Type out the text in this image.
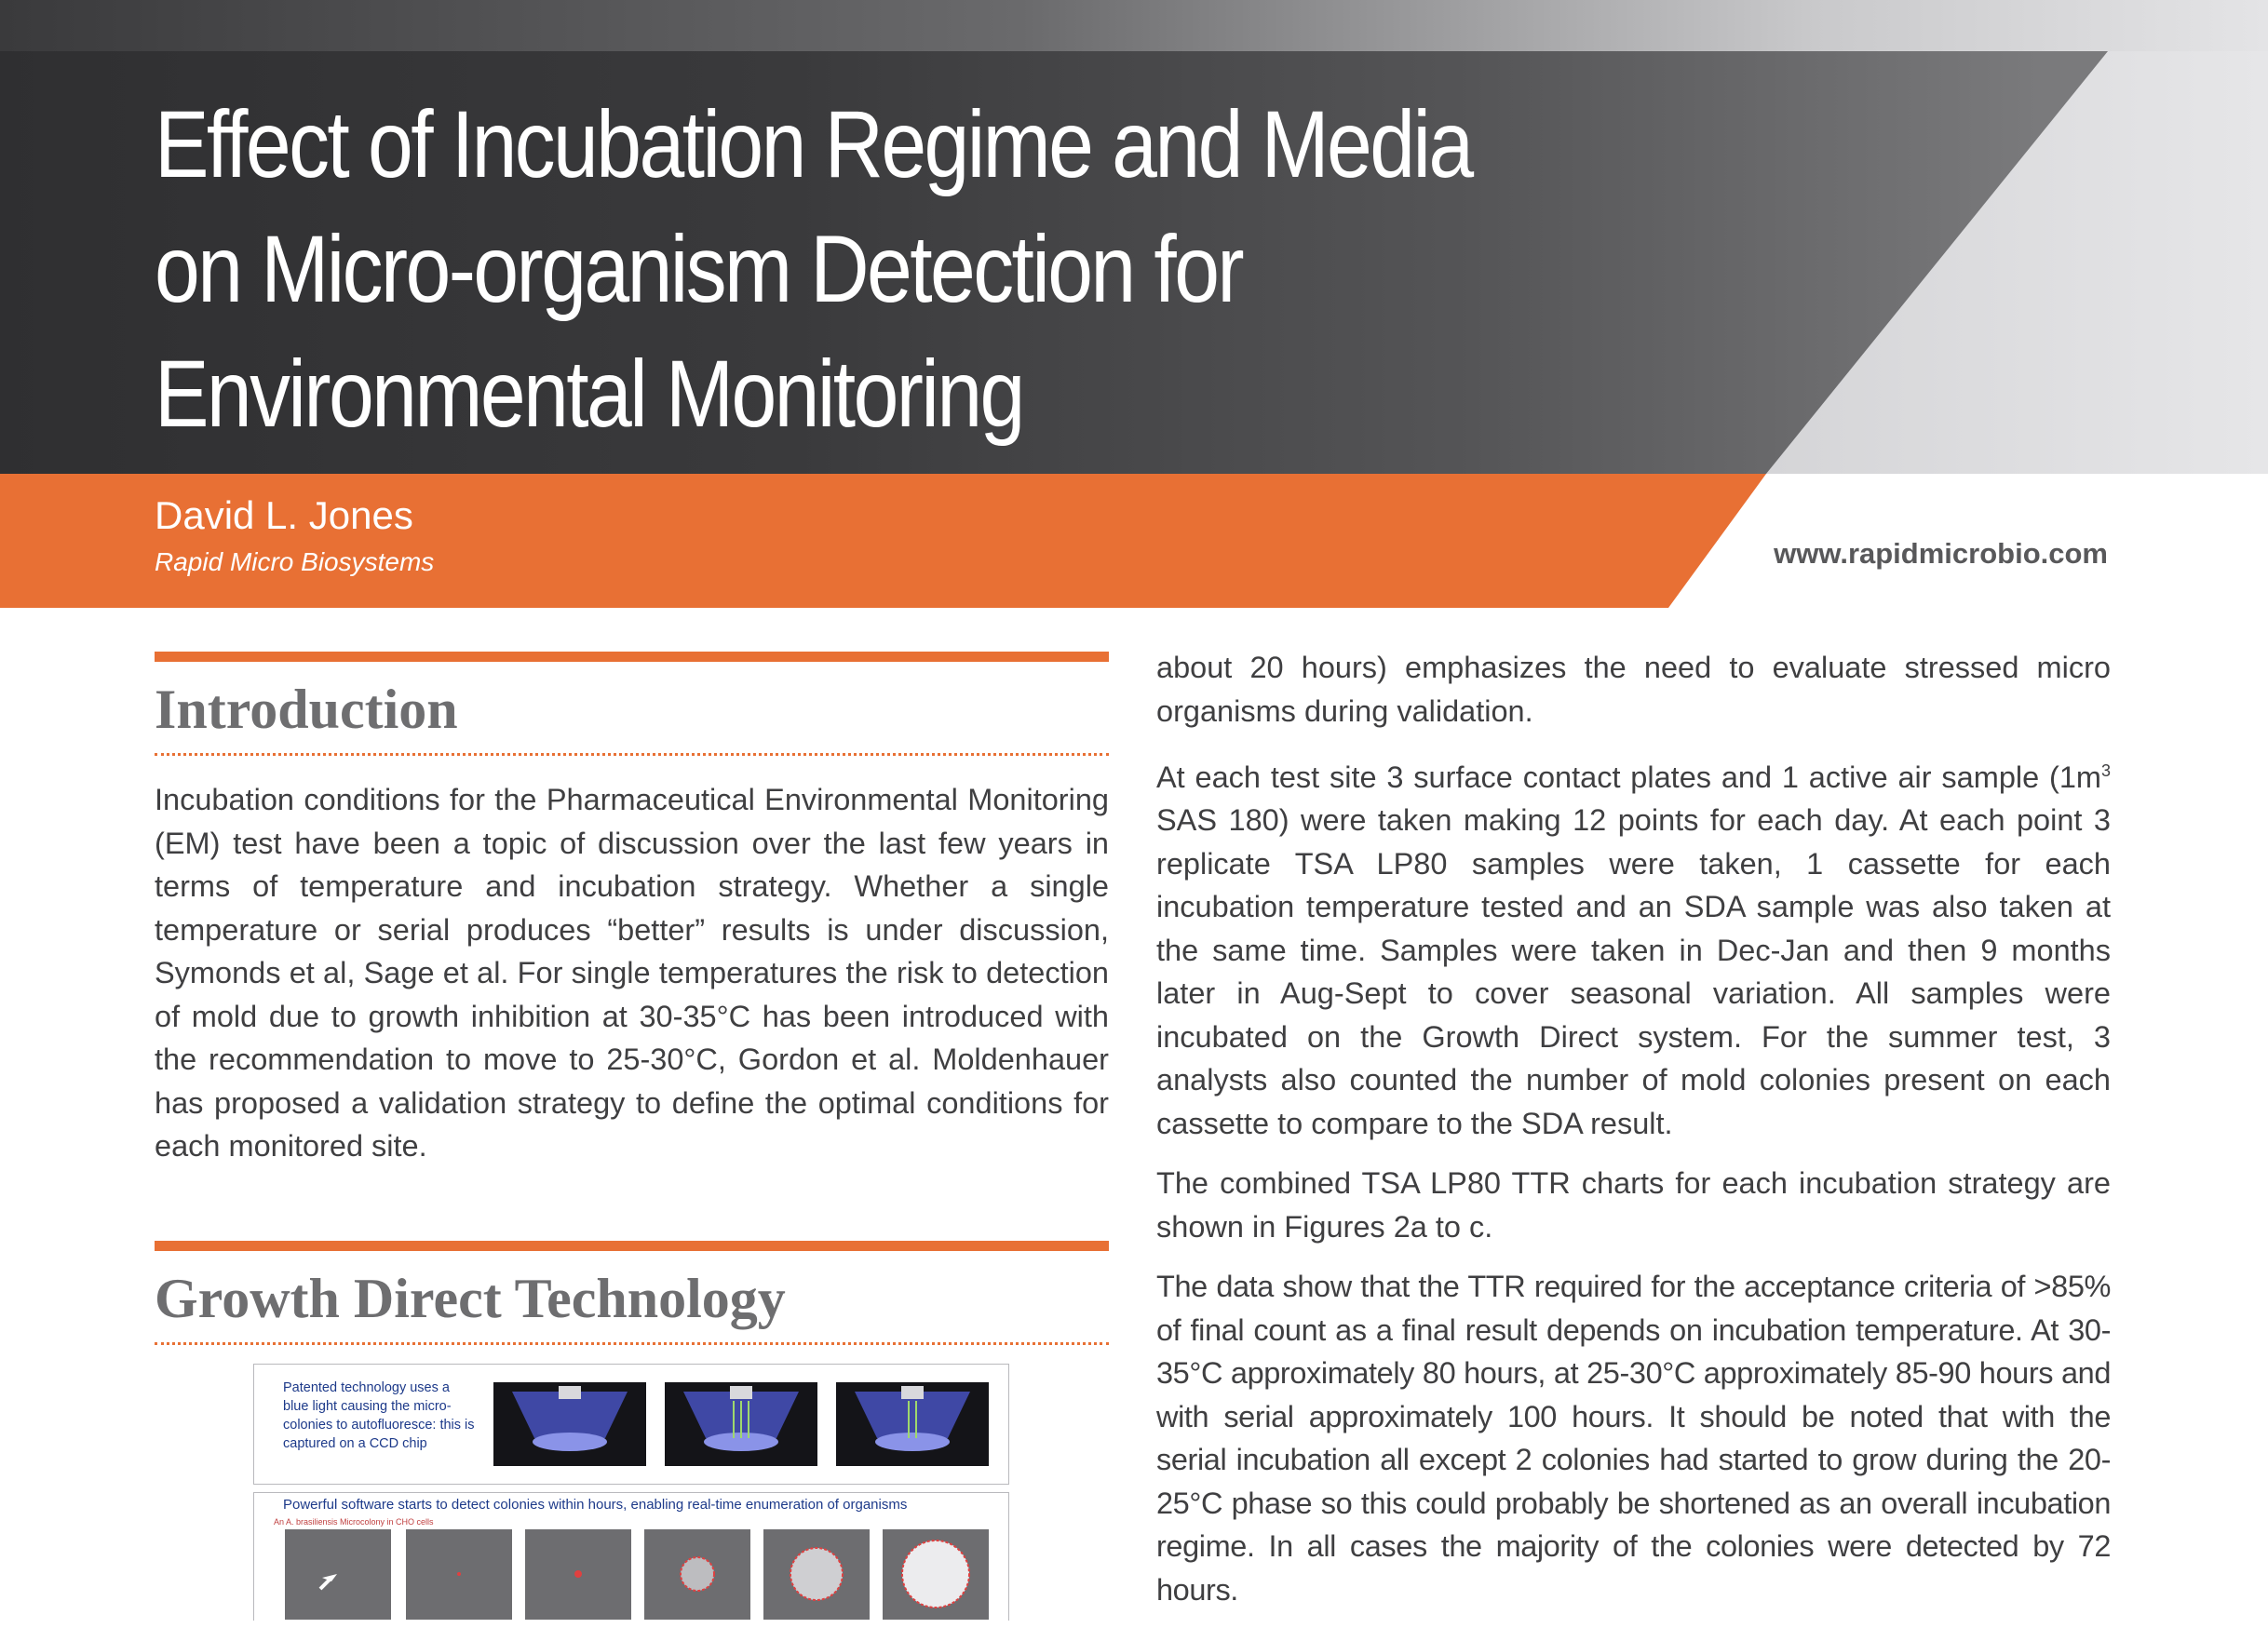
Effect of Incubation Regime and Media
on Micro-organism Detection for
Environmental Monitoring
David L. Jones
Rapid Micro Biosystems	www.rapidmicrobio.com
Introduction

Incubation conditions for the Pharmaceutical Environmental Monitoring (EM) test have been a topic of discussion over the last few years in terms of temperature and incubation strategy. Whether a single temperature or serial produces “better” results is under discussion, Symonds et al, Sage et al. For single temperatures the risk to detection of mold due to growth inhibition at 30-35°C has been introduced with the recommendation to move to 25-30°C, Gordon et al. Moldenhauer has proposed a validation strategy to define the optimal conditions for each monitored site.

Growth Direct Technology
Patented technology uses a blue light causing the micro-colonies to autofluoresce: this is captured on a CCD chip
Powerful software starts to detect colonies within hours, enabling real-time enumeration of organisms
An A. brasiliensis Microcolony in CHO cells

about 20 hours) emphasizes the need to evaluate stressed micro organisms during validation.

At each test site 3 surface contact plates and 1 active air sample ($1m^3$ SAS 180) were taken making 12 points for each day. At each point 3 replicate TSA LP80 samples were taken, 1 cassette for each incubation temperature tested and an SDA sample was also taken at the same time. Samples were taken in Dec-Jan and then 9 months later in Aug-Sept to cover seasonal variation. All samples were incubated on the Growth Direct system. For the summer test, 3 analysts also counted the number of mold colonies present on each cassette to compare to the SDA result.

The combined TSA LP80 TTR charts for each incubation strategy are shown in Figures 2a to c.

The data show that the TTR required for the acceptance criteria of >85% of final count as a final result depends on incubation temperature. At 30-35°C approximately 80 hours, at 25-30°C approximately 85-90 hours and with serial approximately 100 hours. It should be noted that with the serial incubation all except 2 colonies had started to grow during the 20-25°C phase so this could probably be shortened as an overall incubation regime. In all cases the majority of the colonies were detected by 72 hours.
